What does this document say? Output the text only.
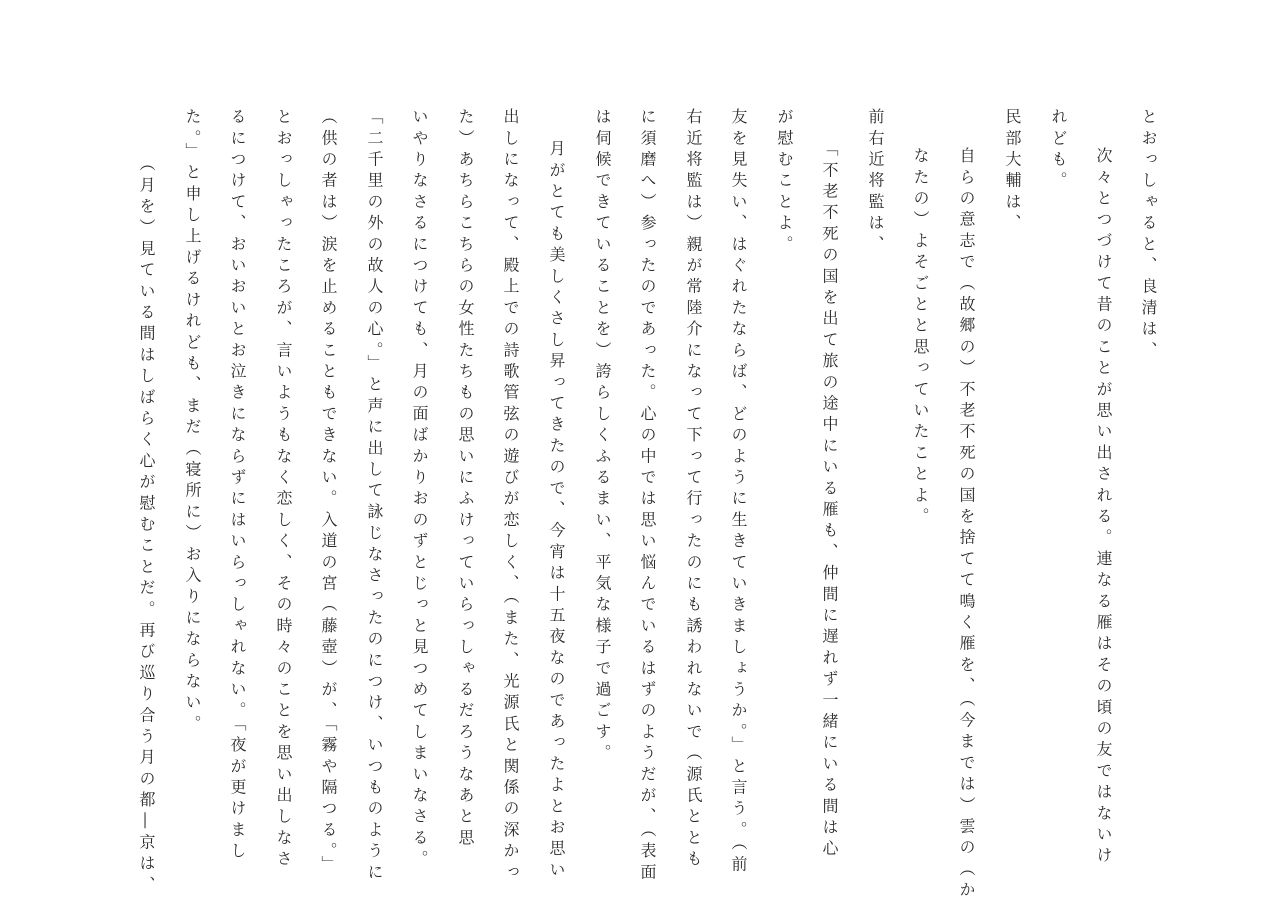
とおっしゃると、良清は、
次々とつづけて昔のことが思い出される。連なる雁はその頃の友ではないけ
れども。
民部大輔は、
自らの意志で（故郷の）不老不死の国を捨てて鳴く雁を、（今までは）雲の（か
なたの）よそごとと思っていたことよ。
前右近将監は、
「不老不死の国を出て旅の途中にいる雁も、仲間に遅れず一緒にいる間は心
が慰むことよ。
友を見失い、はぐれたならば、どのように生きていきましょうか。」と言う。（前
右近将監は）親が常陸介になって下って行ったのにも誘われないで（源氏ととも
に須磨へ）参ったのであった。心の中では思い悩んでいるはずのようだが、（表面
は伺候できていることを）誇らしくふるまい、平気な様子で過ごす。
月がとても美しくさし昇ってきたので、今宵は十五夜なのであったよとお思い
出しになって、殿上での詩歌管弦の遊びが恋しく、（また、光源氏と関係の深かっ
た）あちらこちらの女性たちもの思いにふけっていらっしゃるだろうなあと思
いやりなさるにつけても、月の面ばかりおのずとじっと見つめてしまいなさる。
「二千里の外の故人の心。」と声に出して詠じなさったのにつけ、いつものように
（供の者は）涙を止めることもできない。入道の宮（藤壺）が、「霧や隔つる。」
とおっしゃったころが、言いようもなく恋しく、その時々のことを思い出しなさ
るにつけて、おいおいとお泣きにならずにはいらっしゃれない。「夜が更けまし
た。」と申し上げるけれども、まだ（寝所に）お入りにならない。
（月を）見ている間はしばらく心が慰むことだ。再び巡り合う月の都―京は、
